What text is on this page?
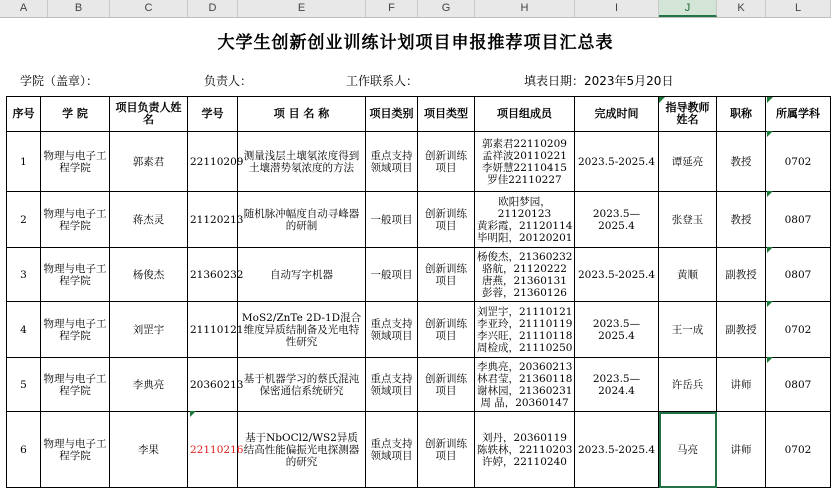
A	B	C	D	E	F	G	H	I	J	K	L
大学生创新创业训练计划项目申报推荐项目汇总表
学院（盖章）：	负责人：	工作联系人：	填表日期：2023年5月20日
序号	学 院	项目负责人姓名	学号	项 目 名 称	项目类别	项目类型	项目组成员	完成时间	指导教师姓名	职称	所属学科
1	物理与电子工程学院	郭素君	22110209	测量浅层土壤氡浓度得到土壤潜势氡浓度的方法	重点支持领域项目	创新训练项目	郭素君22110209
孟祥波20110221
李妍慧22110415
罗佳22110227	2023.5-2025.4	谭延亮	教授	0702
2	物理与电子工程学院	蒋杰灵	21120213	随机脉冲幅度自动寻峰器的研制	一般项目	创新训练项目	欧阳梦园，
21120123
黄彩霞，21120114
毕明阳，20120201	2023.5—2025.4	张登玉	教授	0807
3	物理与电子工程学院	杨俊杰	21360232	自动写字机器	一般项目	创新训练项目	杨俊杰，21360232
骆航，21120222
唐燕，21360131
彭蓉，21360126	2023.5-2025.4	黄顺	副教授	0807
4	物理与电子工程学院	刘罡宇	21110121	MoS2/ZnTe 2D-1D混合维度异质结制备及光电特性研究	重点支持领域项目	创新训练项目	刘罡宇，21110121
李亚玲，21110119
李兴旺，21110118
周检成，21110250	2023.5—2025.4	王一成	副教授	0702
5	物理与电子工程学院	李典亮	20360213	基于机器学习的蔡氏混沌保密通信系统研究	重点支持领域项目	创新训练项目	李典亮，20360213
林君莹，21360118
谢林园，21360231
周 晶，20360147	2023.5—2024.4	许岳兵	讲师	0807
6	物理与电子工程学院	李果	22110216	基于NbOCl2/WS2异质结高性能偏振光电探测器的研究	重点支持领域项目	创新训练项目	刘丹，20360119
陈轶林，22110203
许婷，22110240	2023.5-2025.4	马亮	讲师	0702
